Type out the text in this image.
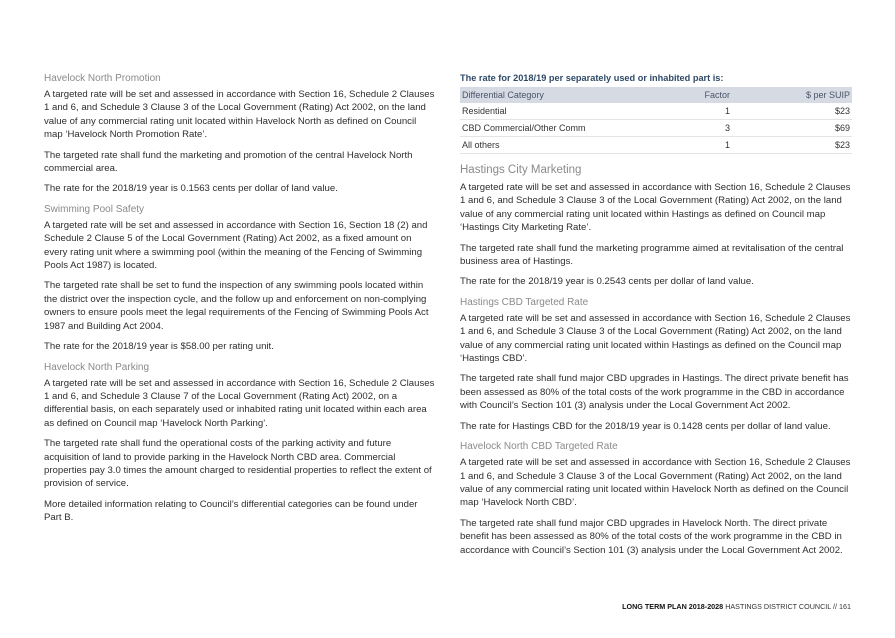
Havelock North Promotion

A targeted rate will be set and assessed in accordance with Section 16, Schedule 2 Clauses 1 and 6, and Schedule 3 Clause 3 of the Local Government (Rating) Act 2002, on the land value of any commercial rating unit located within Havelock North as defined on Council map ‘Havelock North Promotion Rate’.

The targeted rate shall fund the marketing and promotion of the central Havelock North commercial area.

The rate for the 2018/19 year is 0.1563 cents per dollar of land value.

Swimming Pool Safety

A targeted rate will be set and assessed in accordance with Section 16, Section 18 (2) and Schedule 2 Clause 5 of the Local Government (Rating) Act 2002, as a fixed amount on every rating unit where a swimming pool (within the meaning of the Fencing of Swimming Pools Act 1987) is located.

The targeted rate shall be set to fund the inspection of any swimming pools located within the district over the inspection cycle, and the follow up and enforcement on non-complying owners to ensure pools meet the legal requirements of the Fencing of Swimming Pools Act 1987 and Building Act 2004.

The rate for the 2018/19 year is $58.00 per rating unit.

Havelock North Parking

A targeted rate will be set and assessed in accordance with Section 16, Schedule 2 Clauses 1 and 6, and Schedule 3 Clause 7 of the Local Government (Rating Act) 2002, on a differential basis, on each separately used or inhabited rating unit located within each area as defined on Council map ‘Havelock North Parking’.

The targeted rate shall fund the operational costs of the parking activity and future acquisition of land to provide parking in the Havelock North CBD area. Commercial properties pay 3.0 times the amount charged to residential properties to reflect the extent of provision of service.

More detailed information relating to Council’s differential categories can be found under Part B.

The rate for 2018/19 per separately used or inhabited part is:
Differential Category	Factor	$ per SUIP
Residential	1	$23
CBD Commercial/Other Comm	3	$69
All others	1	$23
Hastings City Marketing

A targeted rate will be set and assessed in accordance with Section 16, Schedule 2 Clauses 1 and 6, and Schedule 3 Clause 3 of the Local Government (Rating) Act 2002, on the land value of any commercial rating unit located within Hastings as defined on Council map ‘Hastings City Marketing Rate’.

The targeted rate shall fund the marketing programme aimed at revitalisation of the central business area of Hastings.

The rate for the 2018/19 year is 0.2543 cents per dollar of land value.

Hastings CBD Targeted Rate

A targeted rate will be set and assessed in accordance with Section 16, Schedule 2 Clauses 1 and 6, and Schedule 3 Clause 3 of the Local Government (Rating) Act 2002, on the land value of any commercial rating unit located within Hastings as defined on the Council map ‘Hastings CBD’.

The targeted rate shall fund major CBD upgrades in Hastings. The direct private benefit has been assessed as 80% of the total costs of the work programme in the CBD in accordance with Council’s Section 101 (3) analysis under the Local Government Act 2002.

The rate for Hastings CBD for the 2018/19 year is 0.1428 cents per dollar of land value.

Havelock North CBD Targeted Rate

A targeted rate will be set and assessed in accordance with Section 16, Schedule 2 Clauses 1 and 6, and Schedule 3 Clause 3 of the Local Government (Rating) Act 2002, on the land value of any commercial rating unit located within Havelock North as defined on the Council map ‘Havelock North CBD’.

The targeted rate shall fund major CBD upgrades in Havelock North. The direct private benefit has been assessed as 80% of the total costs of the work programme in the CBD in accordance with Council’s Section 101 (3) analysis under the Local Government Act 2002.

LONG TERM PLAN 2018-2028 HASTINGS DISTRICT COUNCIL // 161
